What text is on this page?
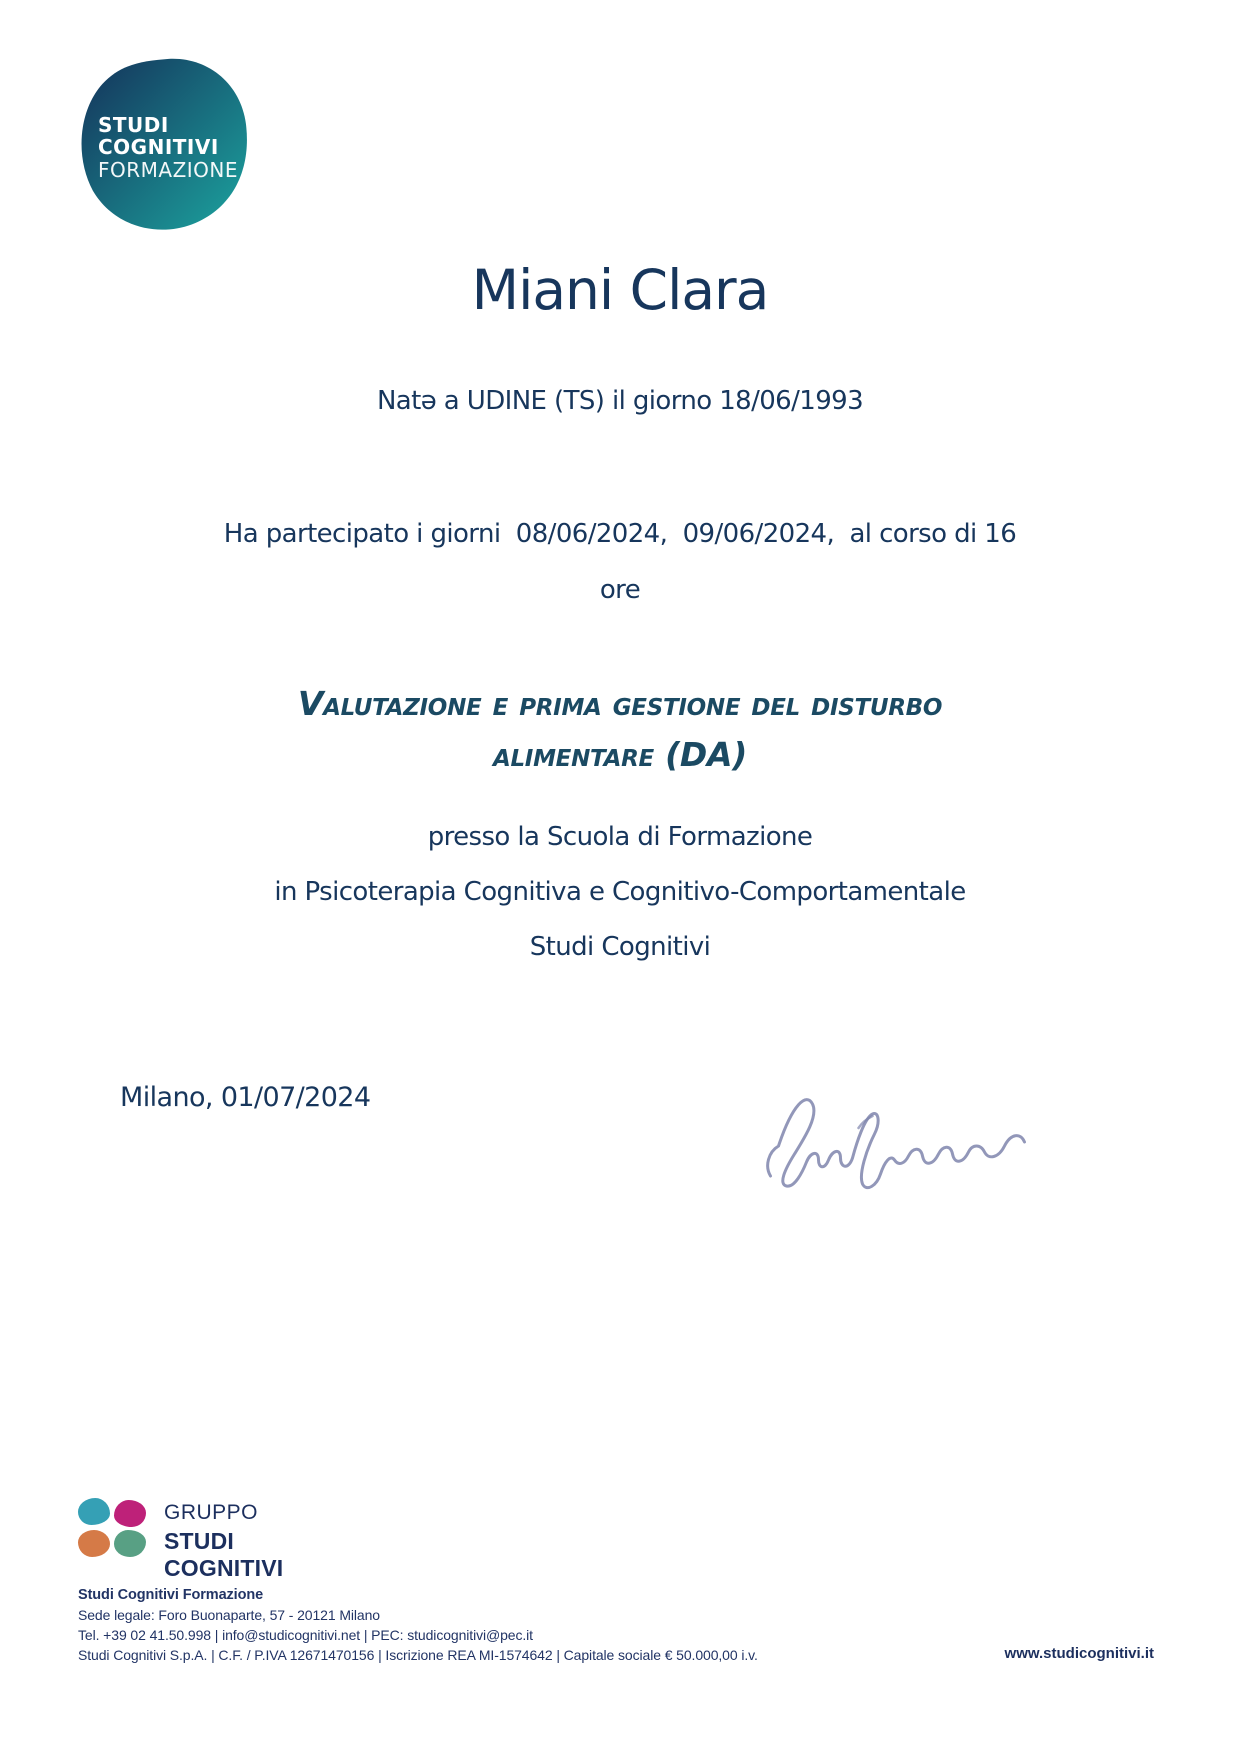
STUDI
COGNITIVI
FORMAZIONE
Miani Clara
Natə a UDINE (TS) il giorno 18/06/1993
Ha partecipato i giorni  08/06/2024,  09/06/2024,  al corso di 16
ore
Valutazione e prima gestione del disturbo
alimentare (DA)
presso la Scuola di Formazione
in Psicoterapia Cognitiva e Cognitivo-Comportamentale
Studi Cognitivi
Milano, 01/07/2024
GRUPPO
STUDI COGNITIVI
Studi Cognitivi Formazione
Sede legale: Foro Buonaparte, 57 - 20121 Milano
Tel. +39 02 41.50.998 | info@studicognitivi.net | PEC: studicognitivi@pec.it
Studi Cognitivi S.p.A. | C.F. / P.IVA 12671470156 | Iscrizione REA MI-1574642 | Capitale sociale € 50.000,00 i.v.	www.studicognitivi.it
